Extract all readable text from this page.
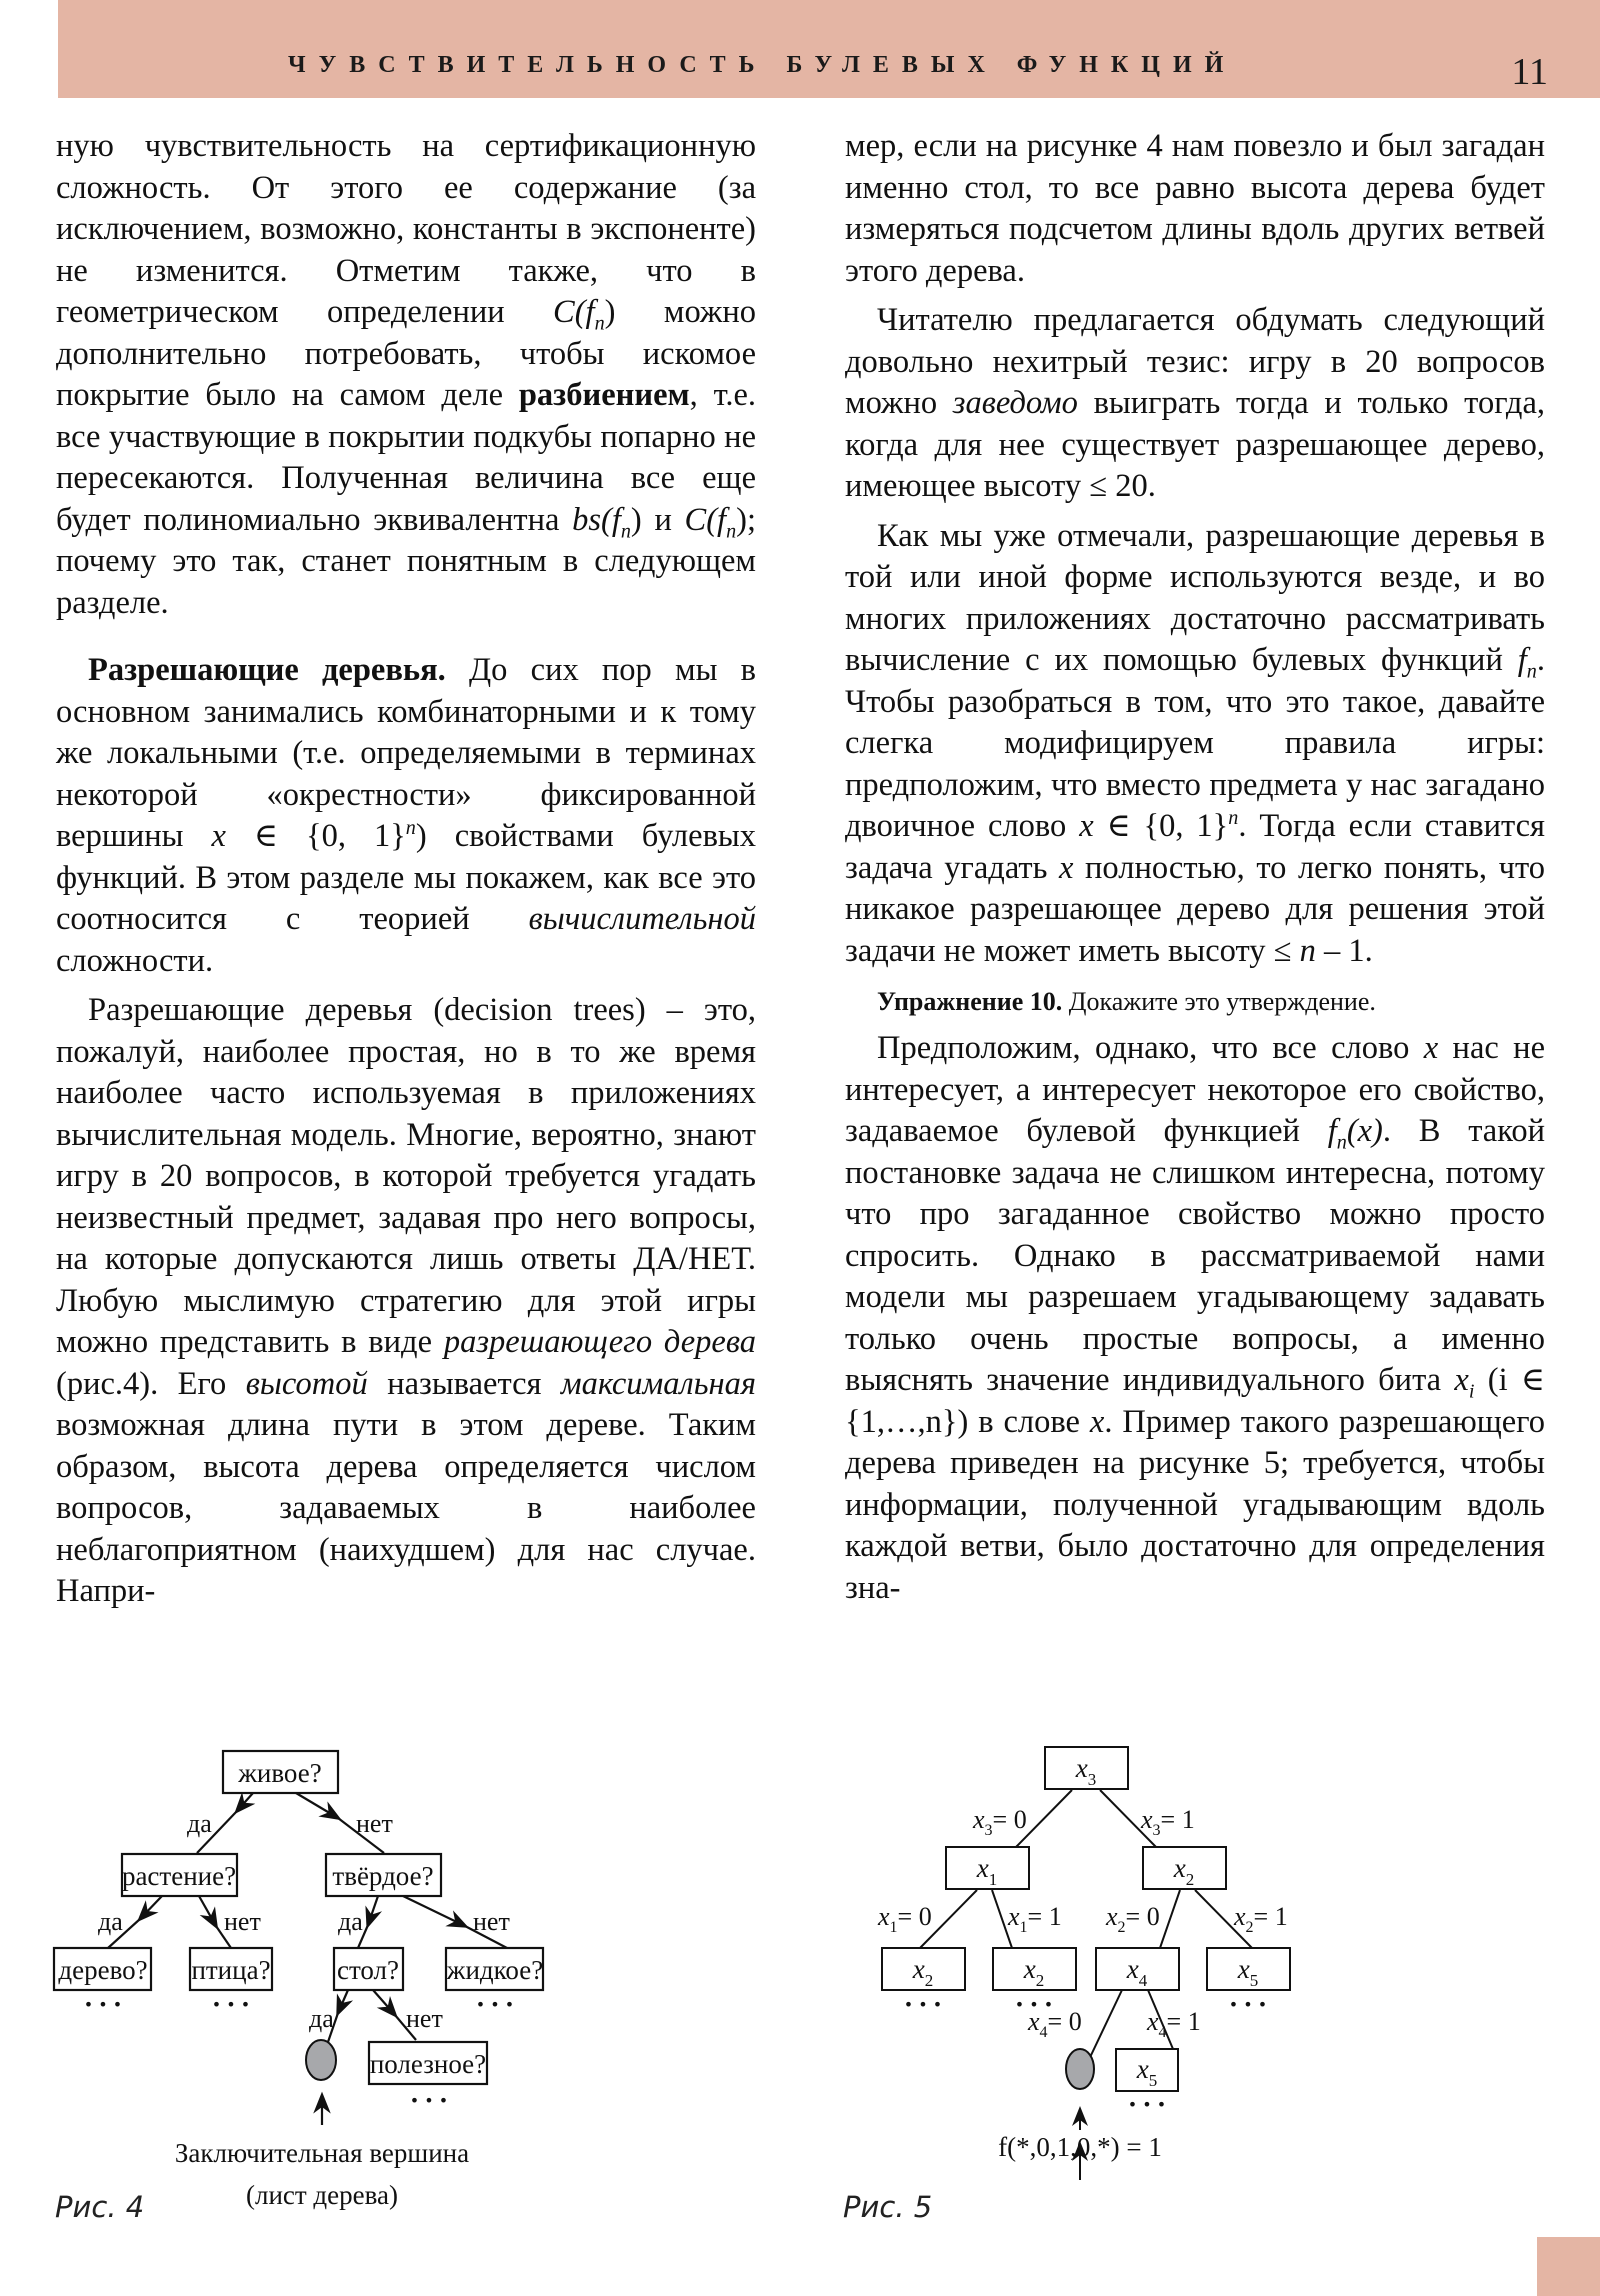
ЧУВСТВИТЕЛЬНОСТЬ БУЛЕВЫХ ФУНКЦИЙ	11

ную чувствительность на сертификационную сложность. От этого ее содержание (за исключением, возможно, константы в экспоненте) не изменится. Отметим также, что в геометрическом определении $C(f_n)$ можно дополнительно потребовать, чтобы искомое покрытие было на самом деле разбиением, т.е. все участвующие в покрытии подкубы попарно не пересекаются. Полученная величина все еще будет полиномиально эквивалентна $bs(f_n)$ и $C(f_n)$; почему это так, станет понятным в следующем разделе.

Разрешающие деревья. До сих пор мы в основном занимались комбинаторными и к тому же локальными (т.е. определяемыми в терминах некоторой «окрестности» фиксированной вершины x ∈ {0, 1}$^n$) свойствами булевых функций. В этом разделе мы покажем, как все это соотносится с теорией вычислительной сложности.

Разрешающие деревья (decision trees) – это, пожалуй, наиболее простая, но в то же время наиболее часто используемая в приложениях вычислительная модель. Многие, вероятно, знают игру в 20 вопросов, в которой требуется угадать неизвестный предмет, задавая про него вопросы, на которые допускаются лишь ответы ДА/НЕТ. Любую мыслимую стратегию для этой игры можно представить в виде разрешающего дерева (рис.4). Его высотой называется максимальная возможная длина пути в этом дереве. Таким образом, высота дерева определяется числом вопросов, задаваемых в наиболее неблагоприятном (наихудшем) для нас случае. Напри-

мер, если на рисунке 4 нам повезло и был загадан именно стол, то все равно высота дерева будет измеряться подсчетом длины вдоль других ветвей этого дерева.

Читателю предлагается обдумать следующий довольно нехитрый тезис: игру в 20 вопросов можно заведомо выиграть тогда и только тогда, когда для нее существует разрешающее дерево, имеющее высоту ≤ 20.

Как мы уже отмечали, разрешающие деревья в той или иной форме используются везде, и во многих приложениях достаточно рассматривать вычисление с их помощью булевых функций $f_n$. Чтобы разобраться в том, что это такое, давайте слегка модифицируем правила игры: предположим, что вместо предмета у нас загадано двоичное слово x ∈ {0, 1}$^n$. Тогда если ставится задача угадать x полностью, то легко понять, что никакое разрешающее дерево для решения этой задачи не может иметь высоту ≤ n – 1.

Упражнение 10. Докажите это утверждение.

Предположим, однако, что все слово x нас не интересует, а интересует некоторое его свойство, задаваемое булевой функцией $f_n(x)$. В такой постановке задача не слишком интересна, потому что про загаданное свойство можно просто спросить. Однако в рассматриваемой нами модели мы разрешаем угадывающему задавать только очень простые вопросы, а именно выяснять значение индивидуального бита $x_i$ (i ∈ {1,…,n}) в слове x. Пример такого разрешающего дерева приведен на рисунке 5; требуется, чтобы информации, полученной угадывающим вдоль каждой ветви, было достаточно для определения зна-

живое?
растение?	твёрдое?
дерево? птица? стол? жидкое?
полезное?
да	нет
да	нет	да	нет
да	нет
• • •	• • •	• • •
• • •
Заключительная вершина
(лист дерева)
Рис. 4
$x_3$
$x_1$	$x_2$
$x_2$	$x_2$	$x_4$	$x_5$
$x_5$
$x_3= 0$	$x_3= 1$
$x_1= 0$	$x_1= 1$ $x_2= 0$	$x_2= 1$
$x_4= 0$	$x_4= 1$
• • •	• • •	• • •
• • •
f(*,0,1,0,*) = 1
Рис. 5
